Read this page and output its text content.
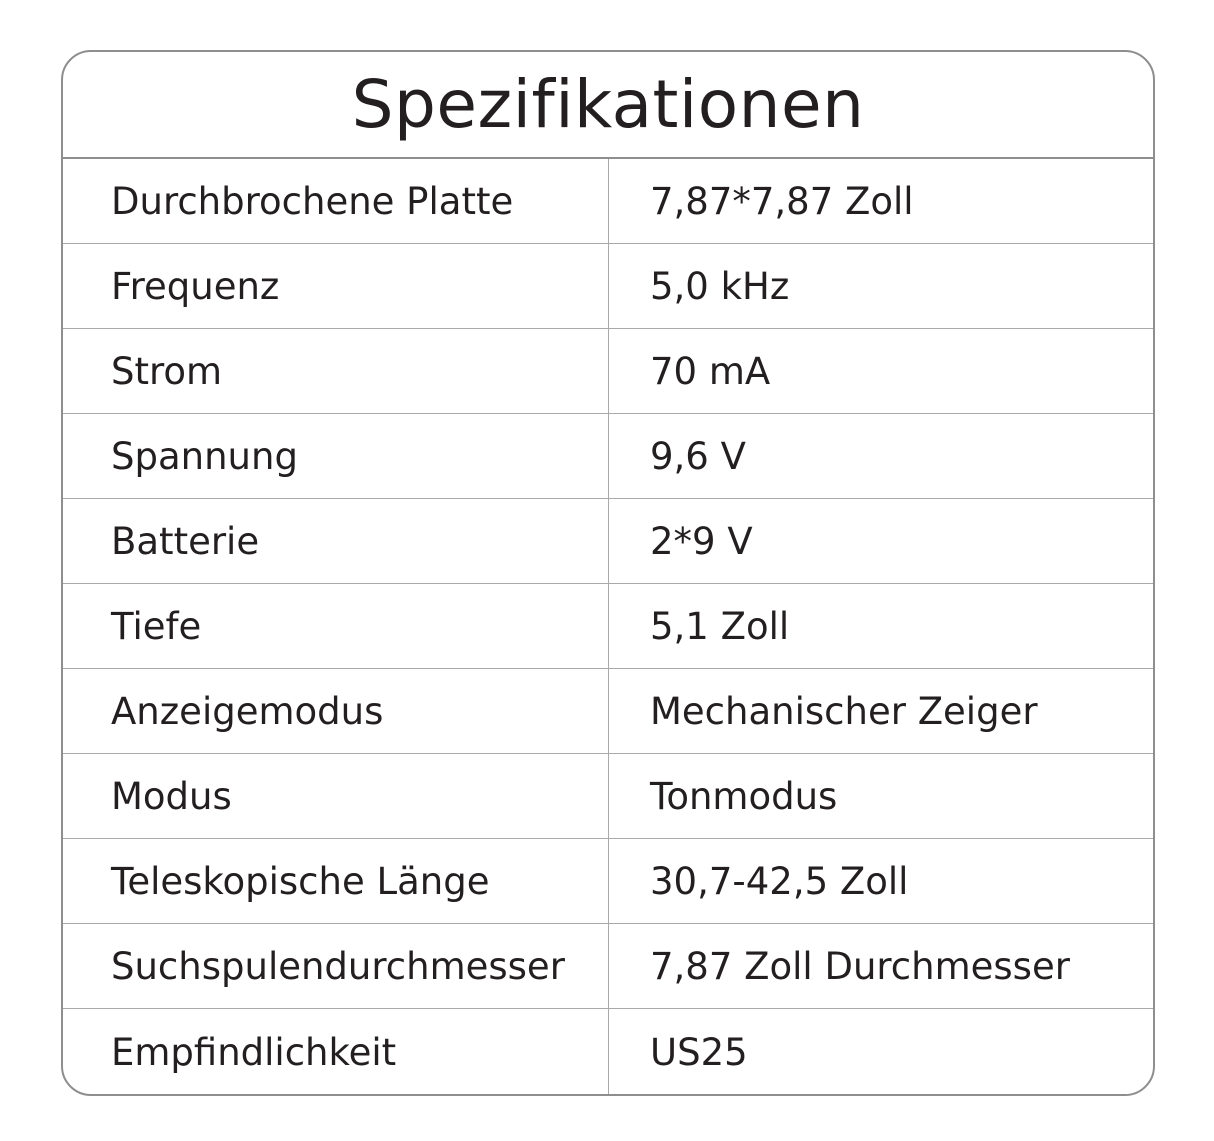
Spezifikationen
Durchbrochene Platte	7,87*7,87 Zoll
Frequenz	5,0 kHz
Strom	70 mA
Spannung	9,6 V
Batterie	2*9 V
Tiefe	5,1 Zoll
Anzeigemodus	Mechanischer Zeiger
Modus	Tonmodus
Teleskopische Länge	30,7-42,5 Zoll
Suchspulendurchmesser	7,87 Zoll Durchmesser
Empfindlichkeit	US25
